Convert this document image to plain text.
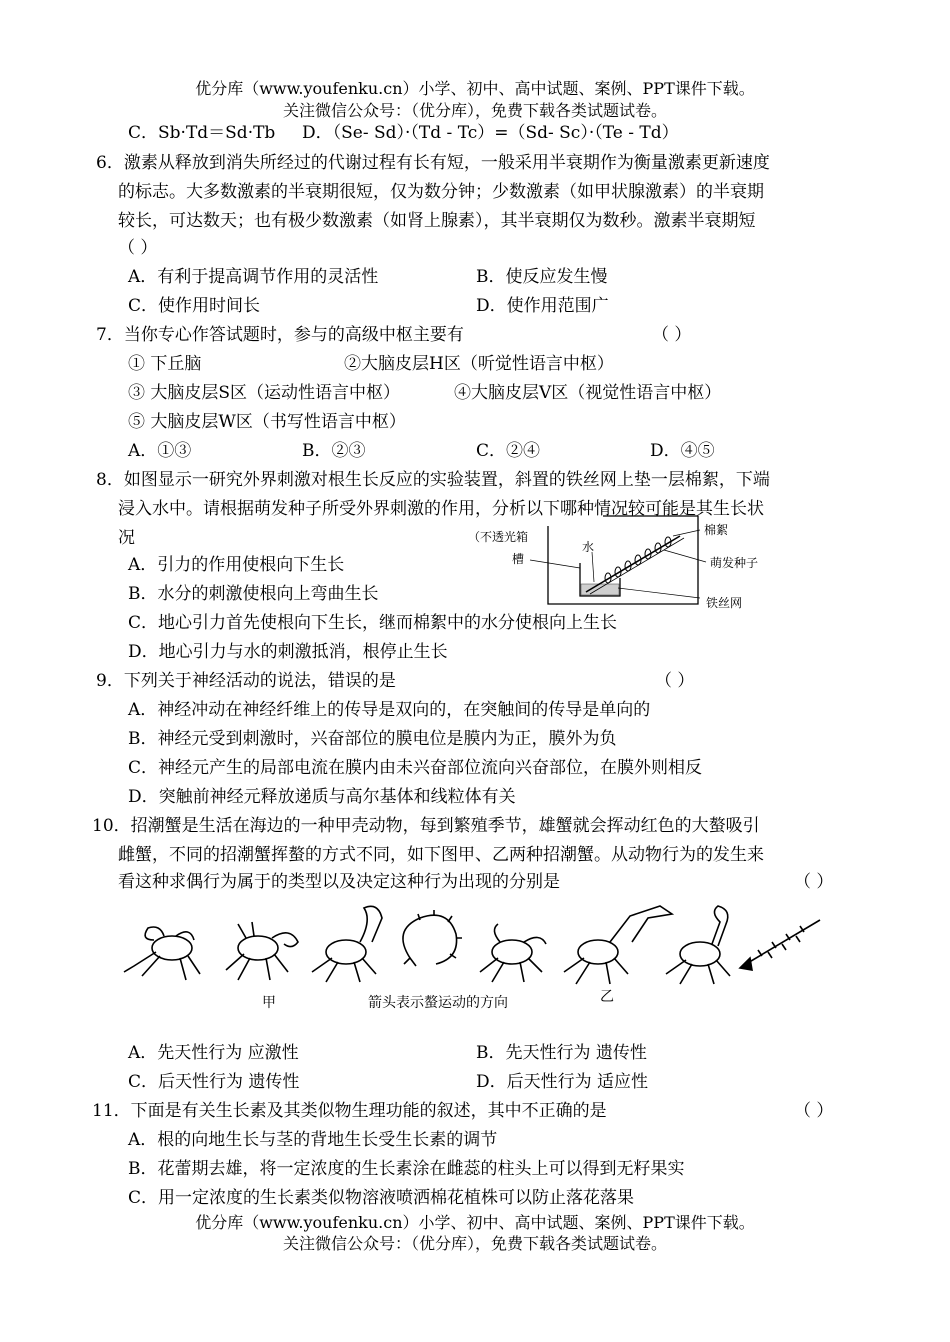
优分库（www.youfenku.cn）小学、初中、高中试题、案例、PPT课件下载。
关注微信公众号：（优分库），免费下载各类试题试卷。
C．Sb·Td＝Sd·Tb D．（Se- Sd）·（Td - Tc）=（Sd- Sc）·（Te - Td）
6．激素从释放到消失所经过的代谢过程有长有短，一般采用半衰期作为衡量激素更新速度
的标志。大多数激素的半衰期很短，仅为数分钟；少数激素（如甲状腺激素）的半衰期
较长，可达数天；也有极少数激素（如肾上腺素），其半衰期仅为数秒。激素半衰期短
（ ）
A．有利于提高调节作用的灵活性	B．使反应发生慢
C．使作用时间长	D．使作用范围广
7．当你专心作答试题时，参与的高级中枢主要有	（ ）
① 下丘脑	②大脑皮层H区（听觉性语言中枢）
③ 大脑皮层S区（运动性语言中枢）	④大脑皮层V区（视觉性语言中枢）
⑤ 大脑皮层W区（书写性语言中枢）
A．①③	B．②③	C．②④	D．④⑤
8．如图显示一研究外界刺激对根生长反应的实验装置，斜置的铁丝网上垫一层棉絮，下端
浸入水中。请根据萌发种子所受外界刺激的作用，分析以下哪种情况较可能是其生长状
况
A．引力的作用使根向下生长
B．水分的刺激使根向上弯曲生长
C．地心引力首先使根向下生长，继而棉絮中的水分使根向上生长
D．地心引力与水的刺激抵消，根停止生长
（不透光箱
槽
水
棉絮
萌发种子
铁丝网
9．下列关于神经活动的说法，错误的是	（ ）
A．神经冲动在神经纤维上的传导是双向的，在突触间的传导是单向的
B．神经元受到刺激时，兴奋部位的膜电位是膜内为正，膜外为负
C．神经元产生的局部电流在膜内由未兴奋部位流向兴奋部位，在膜外则相反
D．突触前神经元释放递质与高尔基体和线粒体有关
10．招潮蟹是生活在海边的一种甲壳动物，每到繁殖季节，雄蟹就会挥动红色的大螯吸引
雌蟹，不同的招潮蟹挥螯的方式不同，如下图甲、乙两种招潮蟹。从动物行为的发生来
看这种求偶行为属于的类型以及决定这种行为出现的分别是	（ ）
甲	箭头表示螯运动的方向	乙
A．先天性行为 应激性	B．先天性行为 遗传性
C．后天性行为 遗传性	D．后天性行为 适应性
11．下面是有关生长素及其类似物生理功能的叙述，其中不正确的是	（ ）
A．根的向地生长与茎的背地生长受生长素的调节
B．花蕾期去雄，将一定浓度的生长素涂在雌蕊的柱头上可以得到无籽果实
C．用一定浓度的生长素类似物溶液喷洒棉花植株可以防止落花落果
优分库（www.youfenku.cn）小学、初中、高中试题、案例、PPT课件下载。
关注微信公众号：（优分库），免费下载各类试题试卷。
